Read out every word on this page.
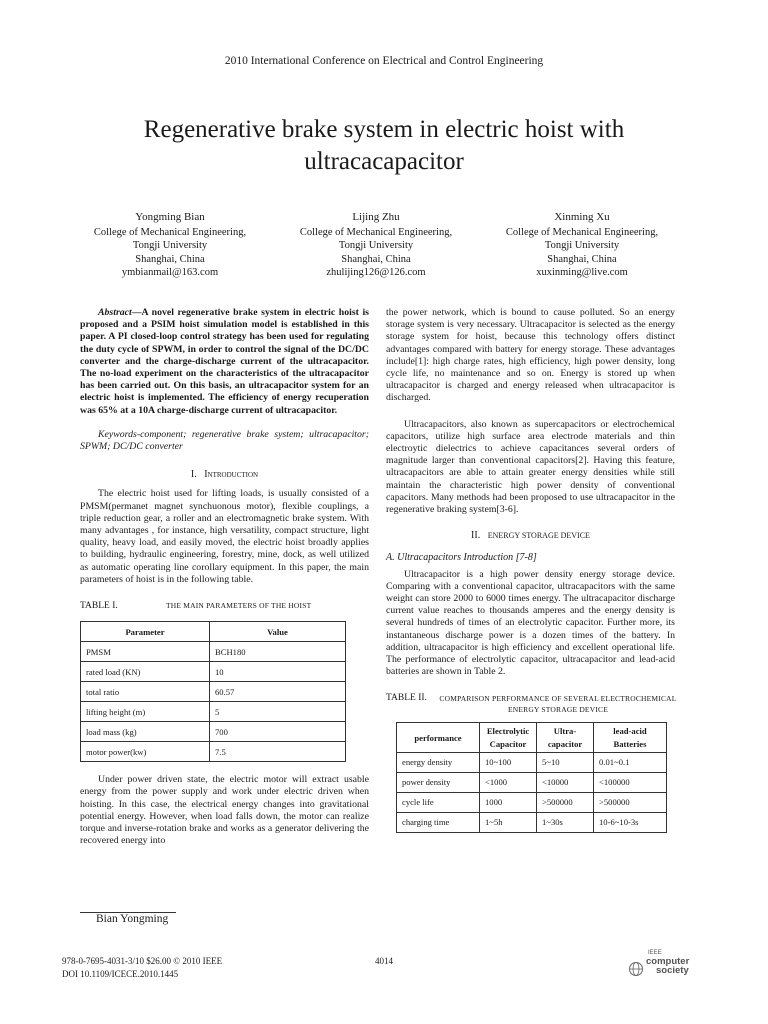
2010 International Conference on Electrical and Control Engineering
Regenerative brake system in electric hoist with
ultracacapacitor
Yongming Bian
College of Mechanical Engineering,
Tongji University
Shanghai, China
ymbianmail@163.com
Lijing Zhu
College of Mechanical Engineering,
Tongji University
Shanghai, China
zhulijing126@126.com
Xinming Xu
College of Mechanical Engineering,
Tongji University
Shanghai, China
xuxinming@live.com

Abstract—A novel regenerative brake system in electric hoist is proposed and a PSIM hoist simulation model is established in this paper. A PI closed-loop control strategy has been used for regulating the duty cycle of SPWM, in order to control the signal of the DC/DC converter and the charge-discharge current of the ultracapacitor. The no-load experiment on the characteristics of the ultracapacitor has been carried out. On this basis, an ultracapacitor system for an electric hoist is implemented. The efficiency of energy recuperation was 65% at a 10A charge-discharge current of ultracapacitor.

Keywords-component; regenerative brake system; ultracapacitor; SPWM; DC/DC converter

I. Introduction

The electric hoist used for lifting loads, is usually consisted of a PMSM(permanet magnet synchuonous motor), flexible couplings, a triple reduction gear, a roller and an electromagnetic brake system. With many advantages , for instance, high versatility, compact structure, light quality, heavy load, and easily moved, the electric hoist broadly applies to building, hydraulic engineering, forestry, mine, dock, as well utilized as automatic operating line corollary equipment. In this paper, the main parameters of hoist is in the following table.

TABLE I.	THE MAIN PARAMETERS OF THE HOIST
Parameter	Value
PMSM	BCH180
rated load (KN)	10
total ratio	60.57
lifting height (m)	5
load mass (kg)	700
motor power(kw)	7.5

Under power driven state, the electric motor will extract usable energy from the power supply and work under electric driven when hoisting. In this case, the electrical energy changes into gravitational potential energy. However, when load falls down, the motor can realize torque and inverse-rotation brake and works as a generator delivering the recovered energy into

the power network, which is bound to cause polluted. So an energy storage system is very necessary. Ultracapacitor is selected as the energy storage system for hoist, because this technology offers distinct advantages compared with battery for energy storage. These advantages include[1]: high charge rates, high efficiency, high power density, long cycle life, no maintenance and so on. Energy is stored up when ultracapacitor is charged and energy released when ultracapacitor is discharged.

Ultracapacitors, also known as supercapacitors or electrochemical capacitors, utilize high surface area electrode materials and thin electroytic dielectrics to achieve capacitances several orders of magnitude larger than conventional capacitors[2]. Having this feature, ultracapacitors are able to attain greater energy densities while still maintain the characteristic high power density of conventional capacitors. Many methods had been proposed to use ultracapacitor in the regenerative braking system[3-6].

II. ENERGY STORAGE DEVICE

A. Ultracapacitors Introduction [7-8]

Ultracapacitor is a high power density energy storage device. Comparing with a conventional capacitor, ultracapacitors with the same weight can store 2000 to 6000 times energy. The ultracapacitor discharge current value reaches to thousands amperes and the energy density is several hundreds of times of an electrolytic capacitor. Further more, its instantaneous discharge power is a dozen times of the battery. In addition, ultracapacitor is high efficiency and excellent operational life. The performance of electrolytic capacitor, ultracapacitor and lead-acid batteries are shown in Table 2.

TABLE II. COMPARISON PERFORMANCE OF SEVERAL ELECTROCHEMICAL
ENERGY STORAGE DEVICE
performance	Electrolytic Capacitor	Ultra-capacitor	lead-acid Batteries
energy density	10~100	5~10	0.01~0.1
power density	<1000	<10000	<100000
cycle life	1000	>500000	>500000
charging time	1~5h	1~30s	10-6~10-3s
Bian Yongming
978-0-7695-4031-3/10 $26.00 © 2010 IEEE
DOI 10.1109/ICECE.2010.1445
4014
IEEE
computer
society
